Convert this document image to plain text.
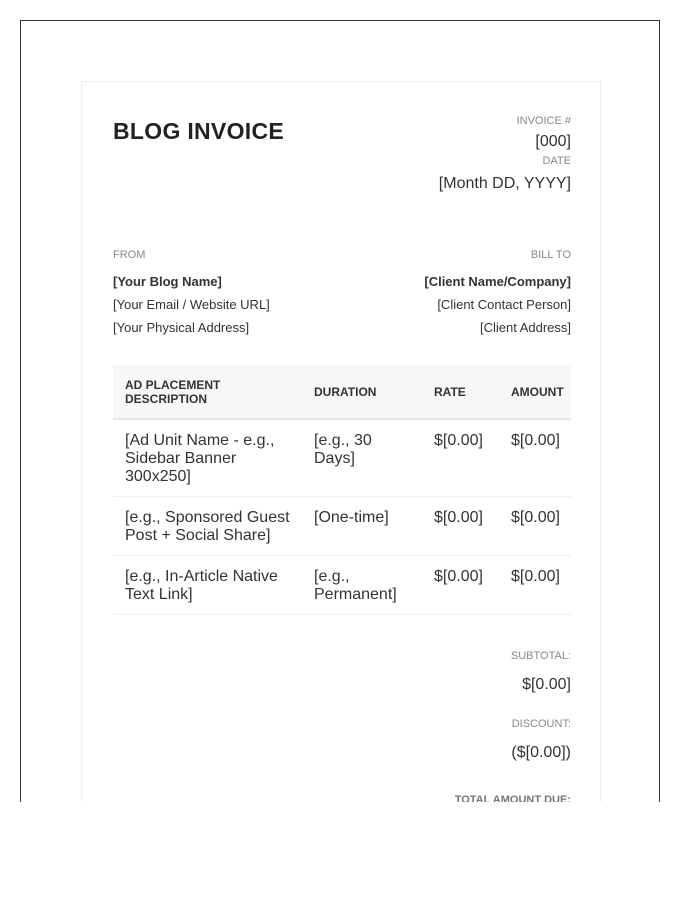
BLOG INVOICE	INVOICE #
[000]
DATE
[Month DD, YYYY]
FROM
[Your Blog Name]
[Your Email / Website URL]
[Your Physical Address]
BILL TO
[Client Name/Company]
[Client Contact Person]
[Client Address]
AD PLACEMENT DESCRIPTION	DURATION	RATE	AMOUNT
[Ad Unit Name - e.g., Sidebar Banner 300x250]	[e.g., 30 Days]	$[0.00]	$[0.00]
[e.g., Sponsored Guest Post + Social Share]	[One-time]	$[0.00]	$[0.00]
[e.g., In-Article Native Text Link]	[e.g., Permanent]	$[0.00]	$[0.00]
SUBTOTAL:
$[0.00]
DISCOUNT:
($[0.00])
TOTAL AMOUNT DUE:
